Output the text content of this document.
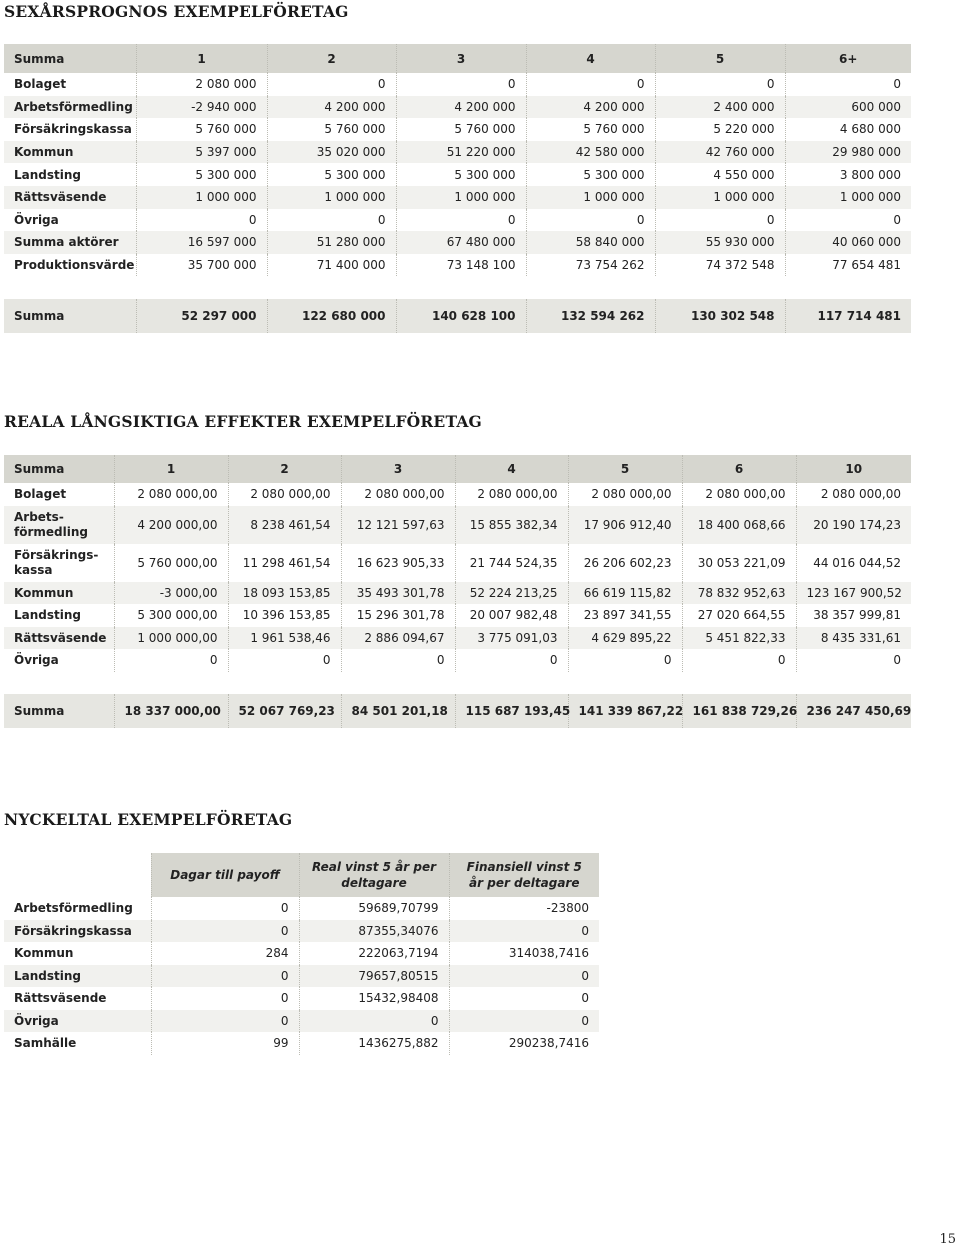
SEXÅRSPROGNOS EXEMPELFÖRETAG
Summa	1	2	3	4	5	6+
Bolaget	2 080 000	0	0	0	0	0
Arbetsförmedling	-2 940 000	4 200 000	4 200 000	4 200 000	2 400 000	600 000
Försäkringskassa	5 760 000	5 760 000	5 760 000	5 760 000	5 220 000	4 680 000
Kommun	5 397 000	35 020 000	51 220 000	42 580 000	42 760 000	29 980 000
Landsting	5 300 000	5 300 000	5 300 000	5 300 000	4 550 000	3 800 000
Rättsväsende	1 000 000	1 000 000	1 000 000	1 000 000	1 000 000	1 000 000
Övriga	0	0	0	0	0	0
Summa aktörer	16 597 000	51 280 000	67 480 000	58 840 000	55 930 000	40 060 000
Produktionsvärde	35 700 000	71 400 000	73 148 100	73 754 262	74 372 548	77 654 481

Summa	52 297 000	122 680 000	140 628 100	132 594 262	130 302 548	117 714 481
REALA LÅNGSIKTIGA EFFEKTER EXEMPELFÖRETAG
Summa	1	2	3	4	5	6	10
Bolaget	2 080 000,00	2 080 000,00	2 080 000,00	2 080 000,00	2 080 000,00	2 080 000,00	2 080 000,00
Arbets- förmedling	4 200 000,00	8 238 461,54	12 121 597,63	15 855 382,34	17 906 912,40	18 400 068,66	20 190 174,23
Försäkrings- kassa	5 760 000,00	11 298 461,54	16 623 905,33	21 744 524,35	26 206 602,23	30 053 221,09	44 016 044,52
Kommun	-3 000,00	18 093 153,85	35 493 301,78	52 224 213,25	66 619 115,82	78 832 952,63	123 167 900,52
Landsting	5 300 000,00	10 396 153,85	15 296 301,78	20 007 982,48	23 897 341,55	27 020 664,55	38 357 999,81
Rättsväsende	1 000 000,00	1 961 538,46	2 886 094,67	3 775 091,03	4 629 895,22	5 451 822,33	8 435 331,61
Övriga	0	0	0	0	0	0	0

Summa	18 337 000,00	52 067 769,23	84 501 201,18	115 687 193,45	141 339 867,22	161 838 729,26	236 247 450,69
NYCKELTAL EXEMPELFÖRETAG
	Dagar till payoff	Real vinst 5 år per deltagare	Finansiell vinst 5 år per deltagare
Arbetsförmedling	0	59689,70799	-23800
Försäkringskassa	0	87355,34076	0
Kommun	284	222063,7194	314038,7416
Landsting	0	79657,80515	0
Rättsväsende	0	15432,98408	0
Övriga	0	0	0
Samhälle	99	1436275,882	290238,7416
15
